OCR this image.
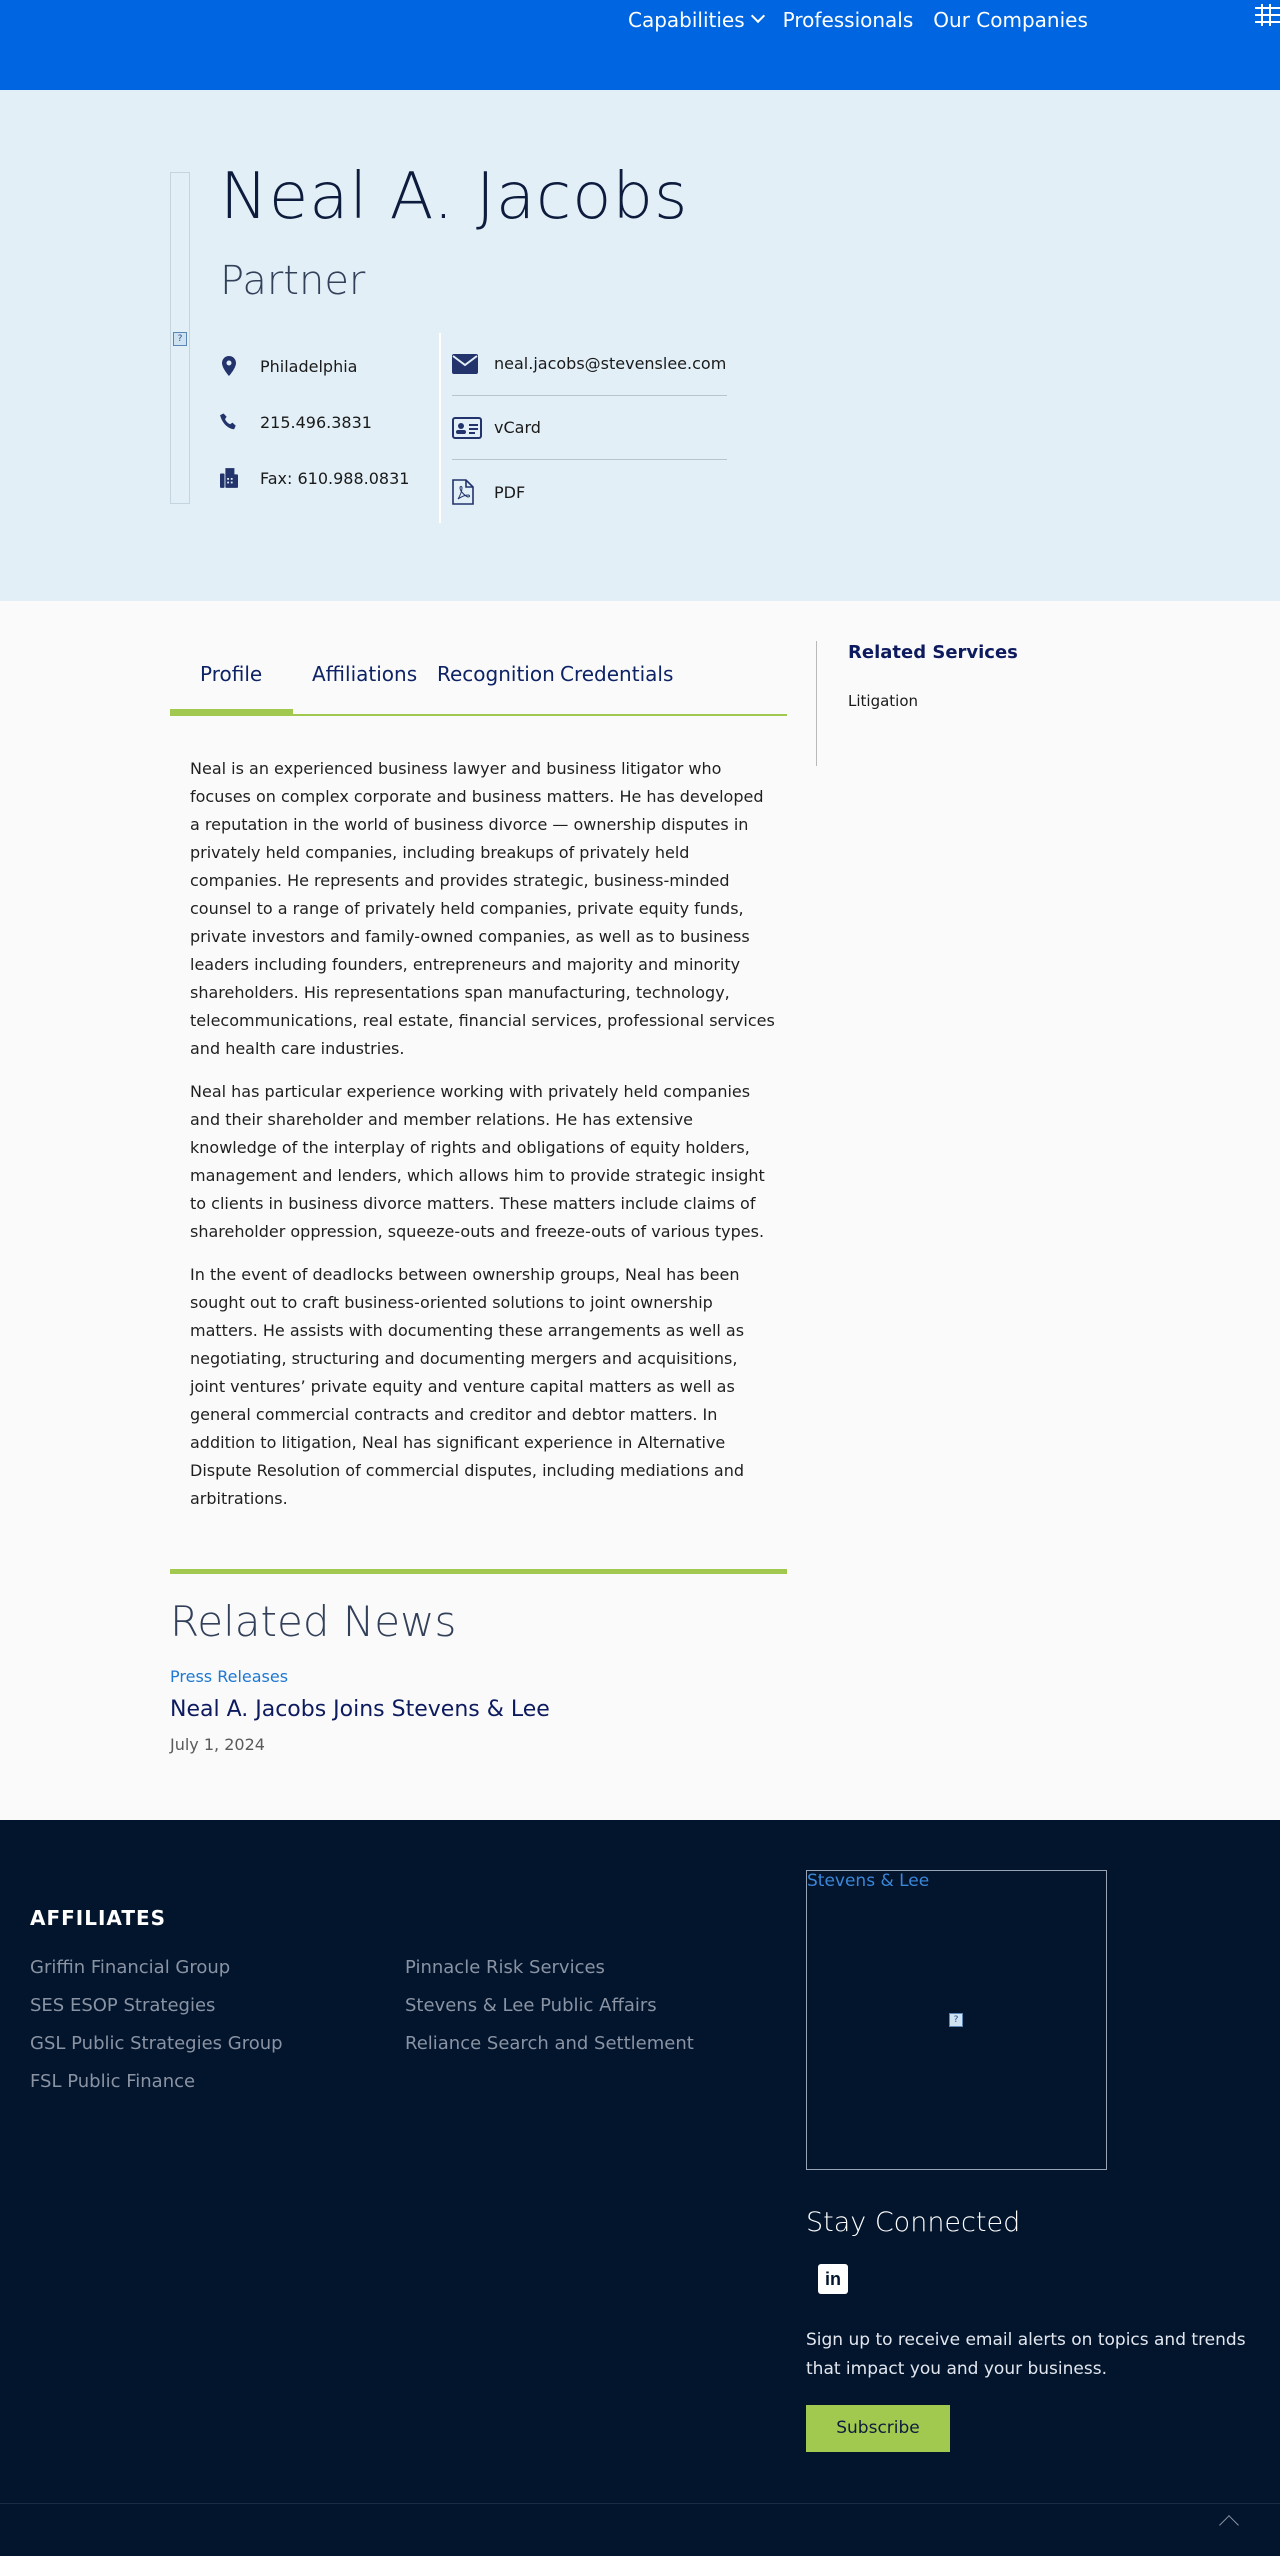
Capabilities Professionals Our Companies
?
Neal A. Jacobs
Partner
Philadelphia
215.496.3831
Fax: 610.988.0831
neal.jacobs@stevenslee.com
vCard
PDF
Profile Affiliations Recognition Credentials
Related Services
Litigation

Neal is an experienced business lawyer and business litigator who focuses on complex corporate and business matters. He has developed a reputation in the world of business divorce — ownership disputes in privately held companies, including breakups of privately held companies. He represents and provides strategic, business-minded counsel to a range of privately held companies, private equity funds, private investors and family-owned companies, as well as to business leaders including founders, entrepreneurs and majority and minority shareholders. His representations span manufacturing, technology, telecommunications, real estate, financial services, professional services and health care industries.

Neal has particular experience working with privately held companies and their shareholder and member relations. He has extensive knowledge of the interplay of rights and obligations of equity holders, management and lenders, which allows him to provide strategic insight to clients in business divorce matters. These matters include claims of shareholder oppression, squeeze-outs and freeze-outs of various types.

In the event of deadlocks between ownership groups, Neal has been sought out to craft business-oriented solutions to joint ownership matters. He assists with documenting these arrangements as well as negotiating, structuring and documenting mergers and acquisitions, joint ventures’ private equity and venture capital matters as well as general commercial contracts and creditor and debtor matters. In addition to litigation, Neal has significant experience in Alternative Dispute Resolution of commercial disputes, including mediations and arbitrations.

Related News
Press Releases
Neal A. Jacobs Joins Stevens & Lee
July 1, 2024
AFFILIATES
Griffin Financial Group
SES ESOP Strategies
GSL Public Strategies Group
FSL Public Finance
Pinnacle Risk Services
Stevens & Lee Public Affairs
Reliance Search and Settlement
Stevens & Lee
?
Stay Connected
in
Sign up to receive email alerts on topics and trends that impact you and your business.
Subscribe
